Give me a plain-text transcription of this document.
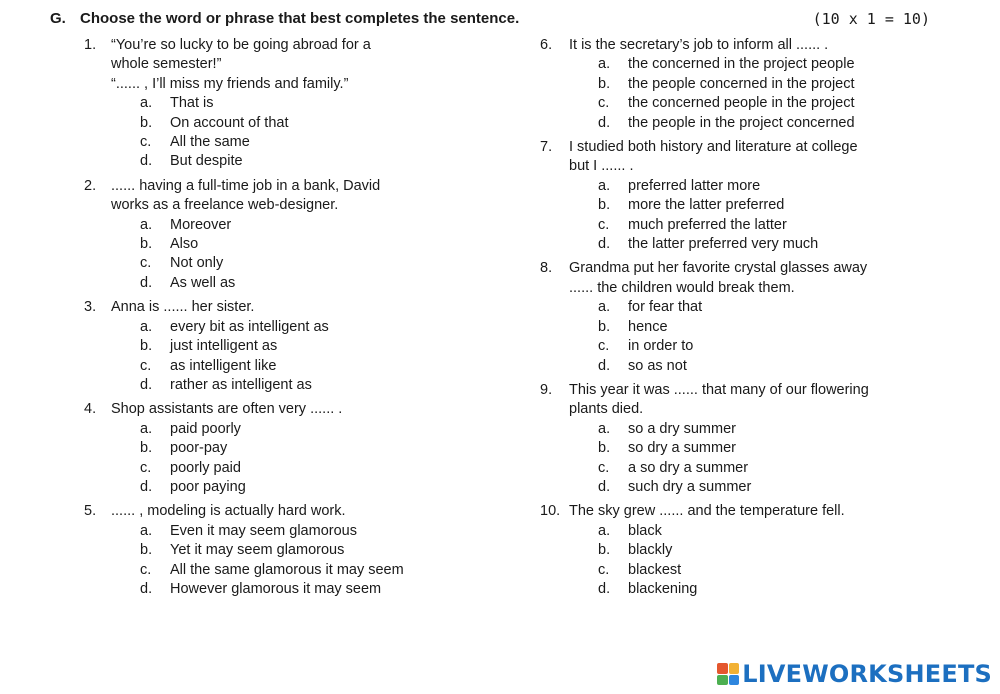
G. Choose the word or phrase that best completes the sentence.	(10 x 1 = 10)
1. “You’re so lucky to be going abroad for a
whole semester!”
“...... , I’ll miss my friends and family.”
a. That is
b. On account of that
c. All the same
d. But despite
2. ...... having a full-time job in a bank, David
works as a freelance web-designer.
a. Moreover
b. Also
c. Not only
d. As well as
3. Anna is ...... her sister.
a. every bit as intelligent as
b. just intelligent as
c. as intelligent like
d. rather as intelligent as
4. Shop assistants are often very ...... .
a. paid poorly
b. poor-pay
c. poorly paid
d. poor paying
5. ...... , modeling is actually hard work.
a. Even it may seem glamorous
b. Yet it may seem glamorous
c. All the same glamorous it may seem
d. However glamorous it may seem
6. It is the secretary’s job to inform all ...... .
a. the concerned in the project people
b. the people concerned in the project
c. the concerned people in the project
d. the people in the project concerned
7. I studied both history and literature at college
but I ...... .
a. preferred latter more
b. more the latter preferred
c. much preferred the latter
d. the latter preferred very much
8. Grandma put her favorite crystal glasses away
...... the children would break them.
a. for fear that
b. hence
c. in order to
d. so as not
9. This year it was ...... that many of our flowering
plants died.
a. so a dry summer
b. so dry a summer
c. a so dry a summer
d. such dry a summer
10. The sky grew ...... and the temperature fell.
a. black
b. blackly
c. blackest
d. blackening
LIVEWORKSHEETS
